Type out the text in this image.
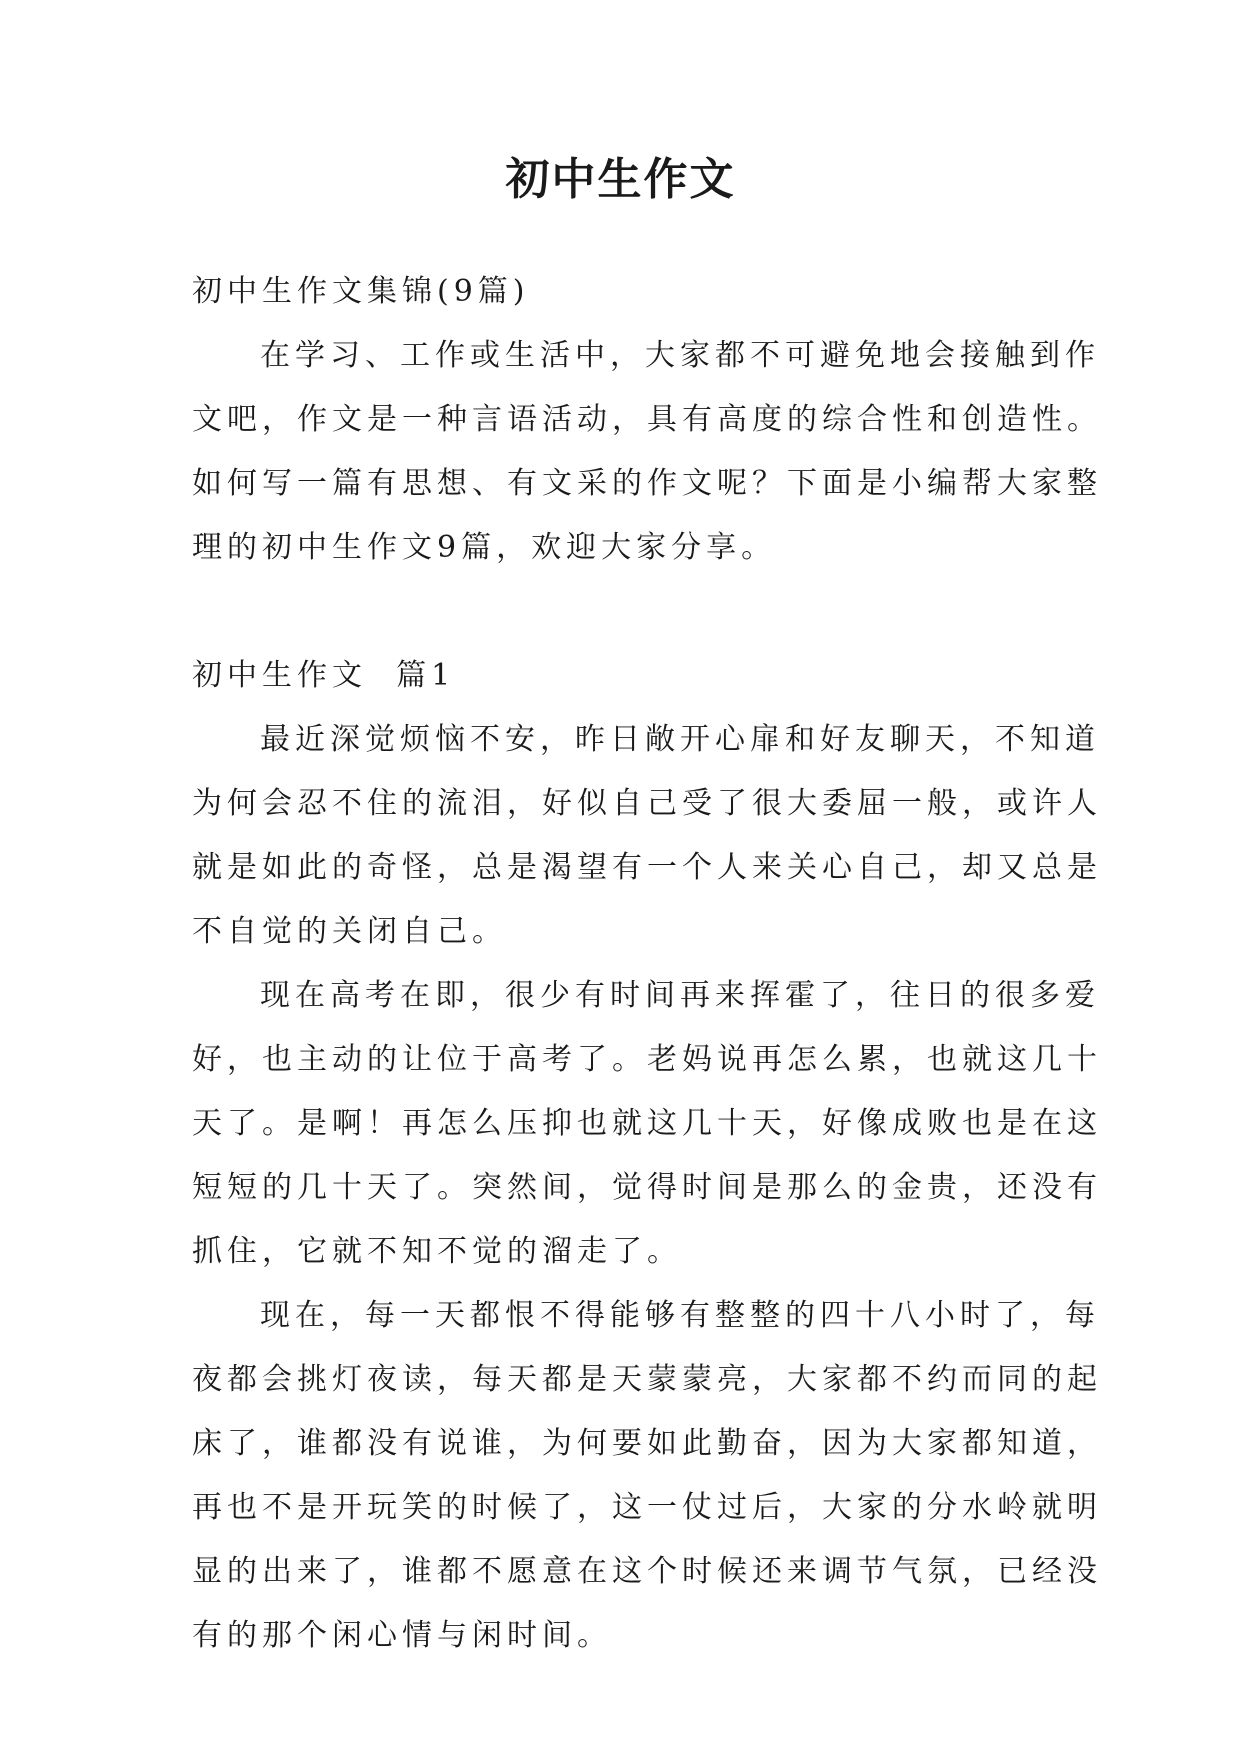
初中生作文
初中生作文集锦(9篇)
在学习、工作或生活中，大家都不可避免地会接触到作
文吧，作文是一种言语活动，具有高度的综合性和创造性。
如何写一篇有思想、有文采的作文呢？下面是小编帮大家整
理的初中生作文9篇，欢迎大家分享。
初中生作文  篇1
最近深觉烦恼不安，昨日敞开心扉和好友聊天，不知道
为何会忍不住的流泪，好似自己受了很大委屈一般，或许人
就是如此的奇怪，总是渴望有一个人来关心自己，却又总是
不自觉的关闭自己。
现在高考在即，很少有时间再来挥霍了，往日的很多爱
好，也主动的让位于高考了。老妈说再怎么累，也就这几十
天了。是啊！再怎么压抑也就这几十天，好像成败也是在这
短短的几十天了。突然间，觉得时间是那么的金贵，还没有
抓住，它就不知不觉的溜走了。
现在，每一天都恨不得能够有整整的四十八小时了，每
夜都会挑灯夜读，每天都是天蒙蒙亮，大家都不约而同的起
床了，谁都没有说谁，为何要如此勤奋，因为大家都知道，
再也不是开玩笑的时候了，这一仗过后，大家的分水岭就明
显的出来了，谁都不愿意在这个时候还来调节气氛，已经没
有的那个闲心情与闲时间。
